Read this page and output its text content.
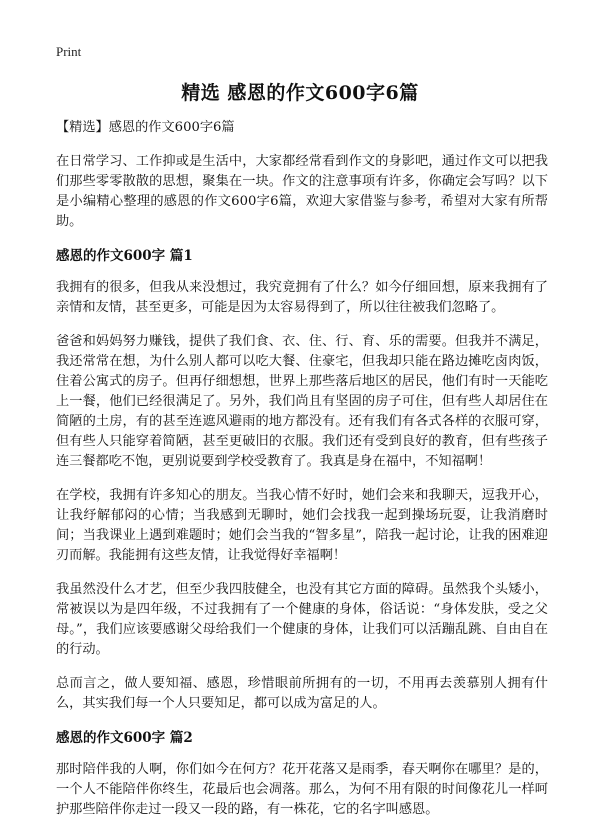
Print
精选 感恩的作文600字6篇

【精选】感恩的作文600字6篇

在日常学习、工作抑或是生活中，大家都经常看到作文的身影吧，通过作文可以把我们那些零零散散的思想，聚集在一块。作文的注意事项有许多，你确定会写吗？以下是小编精心整理的感恩的作文600字6篇，欢迎大家借鉴与参考，希望对大家有所帮助。

感恩的作文600字 篇1

我拥有的很多，但我从来没想过，我究竟拥有了什么？如今仔细回想，原来我拥有了亲情和友情，甚至更多，可能是因为太容易得到了，所以往往被我们忽略了。

爸爸和妈妈努力赚钱，提供了我们食、衣、住、行、育、乐的需要。但我并不满足，我还常常在想，为什么别人都可以吃大餐、住豪宅，但我却只能在路边摊吃卤肉饭，住着公寓式的房子。但再仔细想想，世界上那些落后地区的居民，他们有时一天能吃上一餐，他们已经很满足了。另外，我们尚且有坚固的房子可住，但有些人却居住在简陋的土房，有的甚至连遮风避雨的地方都没有。还有我们有各式各样的衣服可穿，但有些人只能穿着简陋，甚至更破旧的衣服。我们还有受到良好的教育，但有些孩子连三餐都吃不饱，更别说要到学校受教育了。我真是身在福中，不知福啊！

在学校，我拥有许多知心的朋友。当我心情不好时，她们会来和我聊天，逗我开心，让我纾解郁闷的心情；当我感到无聊时，她们会找我一起到操场玩耍，让我消磨时间；当我课业上遇到难题时；她们会当我的“智多星”，陪我一起讨论，让我的困难迎刃而解。我能拥有这些友情，让我觉得好幸福啊！

我虽然没什么才艺，但至少我四肢健全，也没有其它方面的障碍。虽然我个头矮小，常被误以为是四年级，不过我拥有了一个健康的身体，俗话说：“身体发肤，受之父母。”，我们应该要感谢父母给我们一个健康的身体，让我们可以活蹦乱跳、自由自在的行动。

总而言之，做人要知福、感恩，珍惜眼前所拥有的一切，不用再去羡慕别人拥有什么，其实我们每一个人只要知足，都可以成为富足的人。

感恩的作文600字 篇2

那时陪伴我的人啊，你们如今在何方？花开花落又是雨季，春天啊你在哪里？是的，一个人不能陪伴你终生，花最后也会凋落。那么，为何不用有限的时间像花儿一样呵护那些陪伴你走过一段又一段的路，有一株花，它的名字叫感恩。
